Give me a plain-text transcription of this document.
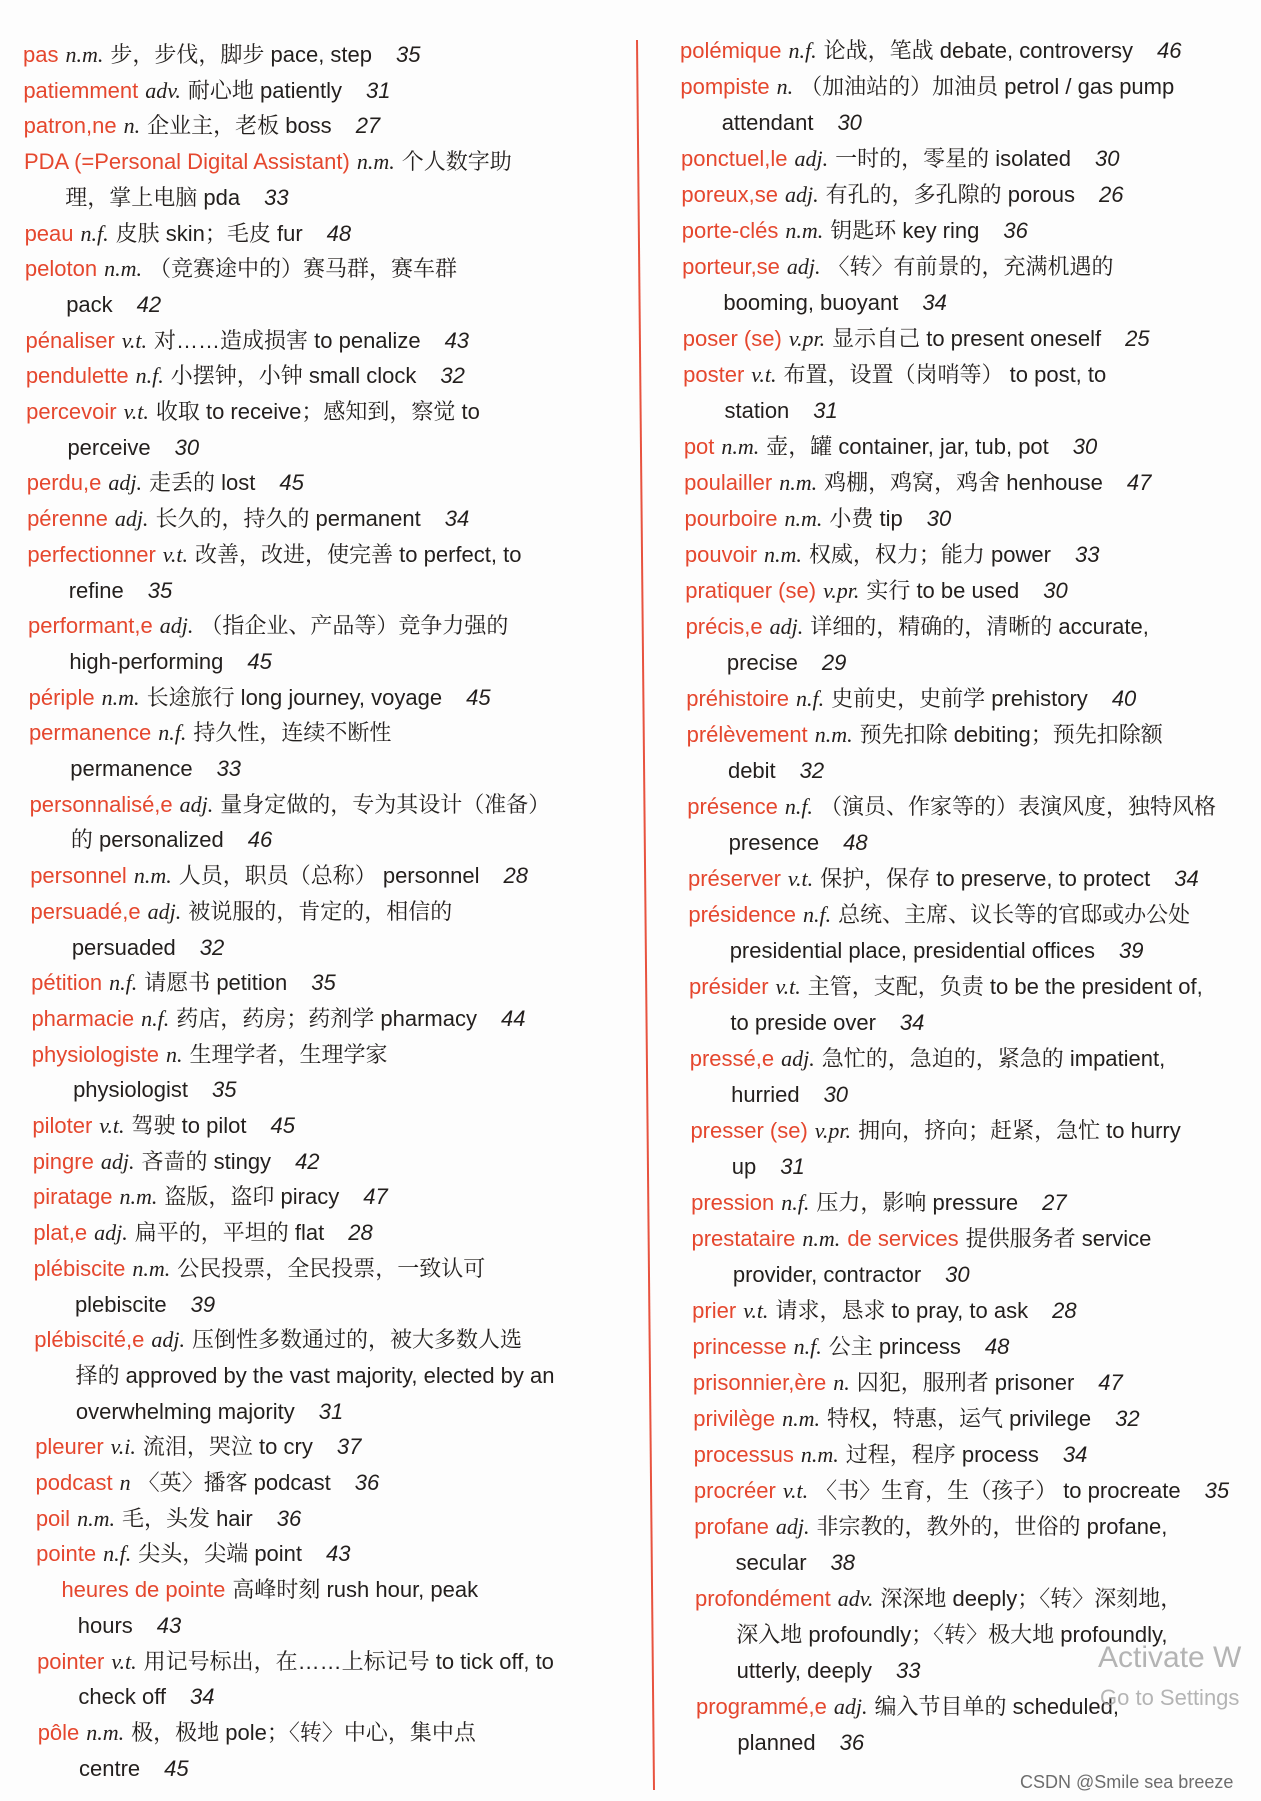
pas n.m. 步，步伐，脚步 pace, step 35
patiemment adv. 耐心地 patiently 31
patron,ne n. 企业主，老板 boss 27
PDA (=Personal Digital Assistant) n.m. 个人数字助
理，掌上电脑 pda 33
peau n.f. 皮肤 skin；毛皮 fur 48
peloton n.m. （竞赛途中的）赛马群，赛车群
pack 42
pénaliser v.t. 对……造成损害 to penalize 43
pendulette n.f. 小摆钟，小钟 small clock 32
percevoir v.t. 收取 to receive；感知到，察觉 to
perceive 30
perdu,e adj. 走丢的 lost 45
pérenne adj. 长久的，持久的 permanent 34
perfectionner v.t. 改善，改进，使完善 to perfect, to
refine 35
performant,e adj. （指企业、产品等）竞争力强的
high-performing 45
périple n.m. 长途旅行 long journey, voyage 45
permanence n.f. 持久性，连续不断性
permanence 33
personnalisé,e adj. 量身定做的，专为其设计（准备）
的 personalized 46
personnel n.m. 人员，职员（总称） personnel 28
persuadé,e adj. 被说服的，肯定的，相信的
persuaded 32
pétition n.f. 请愿书 petition 35
pharmacie n.f. 药店，药房；药剂学 pharmacy 44
physiologiste n. 生理学者，生理学家
physiologist 35
piloter v.t. 驾驶 to pilot 45
pingre adj. 吝啬的 stingy 42
piratage n.m. 盗版，盗印 piracy 47
plat,e adj. 扁平的，平坦的 flat 28
plébiscite n.m. 公民投票，全民投票，一致认可
plebiscite 39
plébiscité,e adj. 压倒性多数通过的，被大多数人选
择的 approved by the vast majority, elected by an
overwhelming majority 31
pleurer v.i. 流泪，哭泣 to cry 37
podcast n 〈英〉播客 podcast 36
poil n.m. 毛，头发 hair 36
pointe n.f. 尖头，尖端 point 43
heures de pointe 高峰时刻 rush hour, peak
hours 43
pointer v.t. 用记号标出，在……上标记号 to tick off, to
check off 34
pôle n.m. 极，极地 pole；〈转〉中心，集中点
centre 45
polémique n.f. 论战，笔战 debate, controversy 46
pompiste n. （加油站的）加油员 petrol / gas pump
attendant 30
ponctuel,le adj. 一时的，零星的 isolated 30
poreux,se adj. 有孔的，多孔隙的 porous 26
porte-clés n.m. 钥匙环 key ring 36
porteur,se adj. 〈转〉有前景的，充满机遇的
booming, buoyant 34
poser (se) v.pr. 显示自己 to present oneself 25
poster v.t. 布置，设置（岗哨等） to post, to
station 31
pot n.m. 壶，罐 container, jar, tub, pot 30
poulailler n.m. 鸡棚，鸡窝，鸡舍 henhouse 47
pourboire n.m. 小费 tip 30
pouvoir n.m. 权威，权力；能力 power 33
pratiquer (se) v.pr. 实行 to be used 30
précis,e adj. 详细的，精确的，清晰的 accurate,
precise 29
préhistoire n.f. 史前史，史前学 prehistory 40
prélèvement n.m. 预先扣除 debiting；预先扣除额
debit 32
présence n.f. （演员、作家等的）表演风度，独特风格
presence 48
préserver v.t. 保护，保存 to preserve, to protect 34
présidence n.f. 总统、主席、议长等的官邸或办公处
presidential place, presidential offices 39
présider v.t. 主管，支配，负责 to be the president of,
to preside over 34
pressé,e adj. 急忙的，急迫的，紧急的 impatient,
hurried 30
presser (se) v.pr. 拥向，挤向；赶紧，急忙 to hurry
up 31
pression n.f. 压力，影响 pressure 27
prestataire n.m. de services 提供服务者 service
provider, contractor 30
prier v.t. 请求，恳求 to pray, to ask 28
princesse n.f. 公主 princess 48
prisonnier,ère n. 囚犯，服刑者 prisoner 47
privilège n.m. 特权，特惠，运气 privilege 32
processus n.m. 过程，程序 process 34
procréer v.t. 〈书〉生育，生（孩子） to procreate 35
profane adj. 非宗教的，教外的，世俗的 profane,
secular 38
profondément adv. 深深地 deeply；〈转〉深刻地，
深入地 profoundly；〈转〉极大地 profoundly,
utterly, deeply 33
programmé,e adj. 编入节目单的 scheduled,
planned 36
Activate W
Go to Settings
CSDN @Smile sea breeze
